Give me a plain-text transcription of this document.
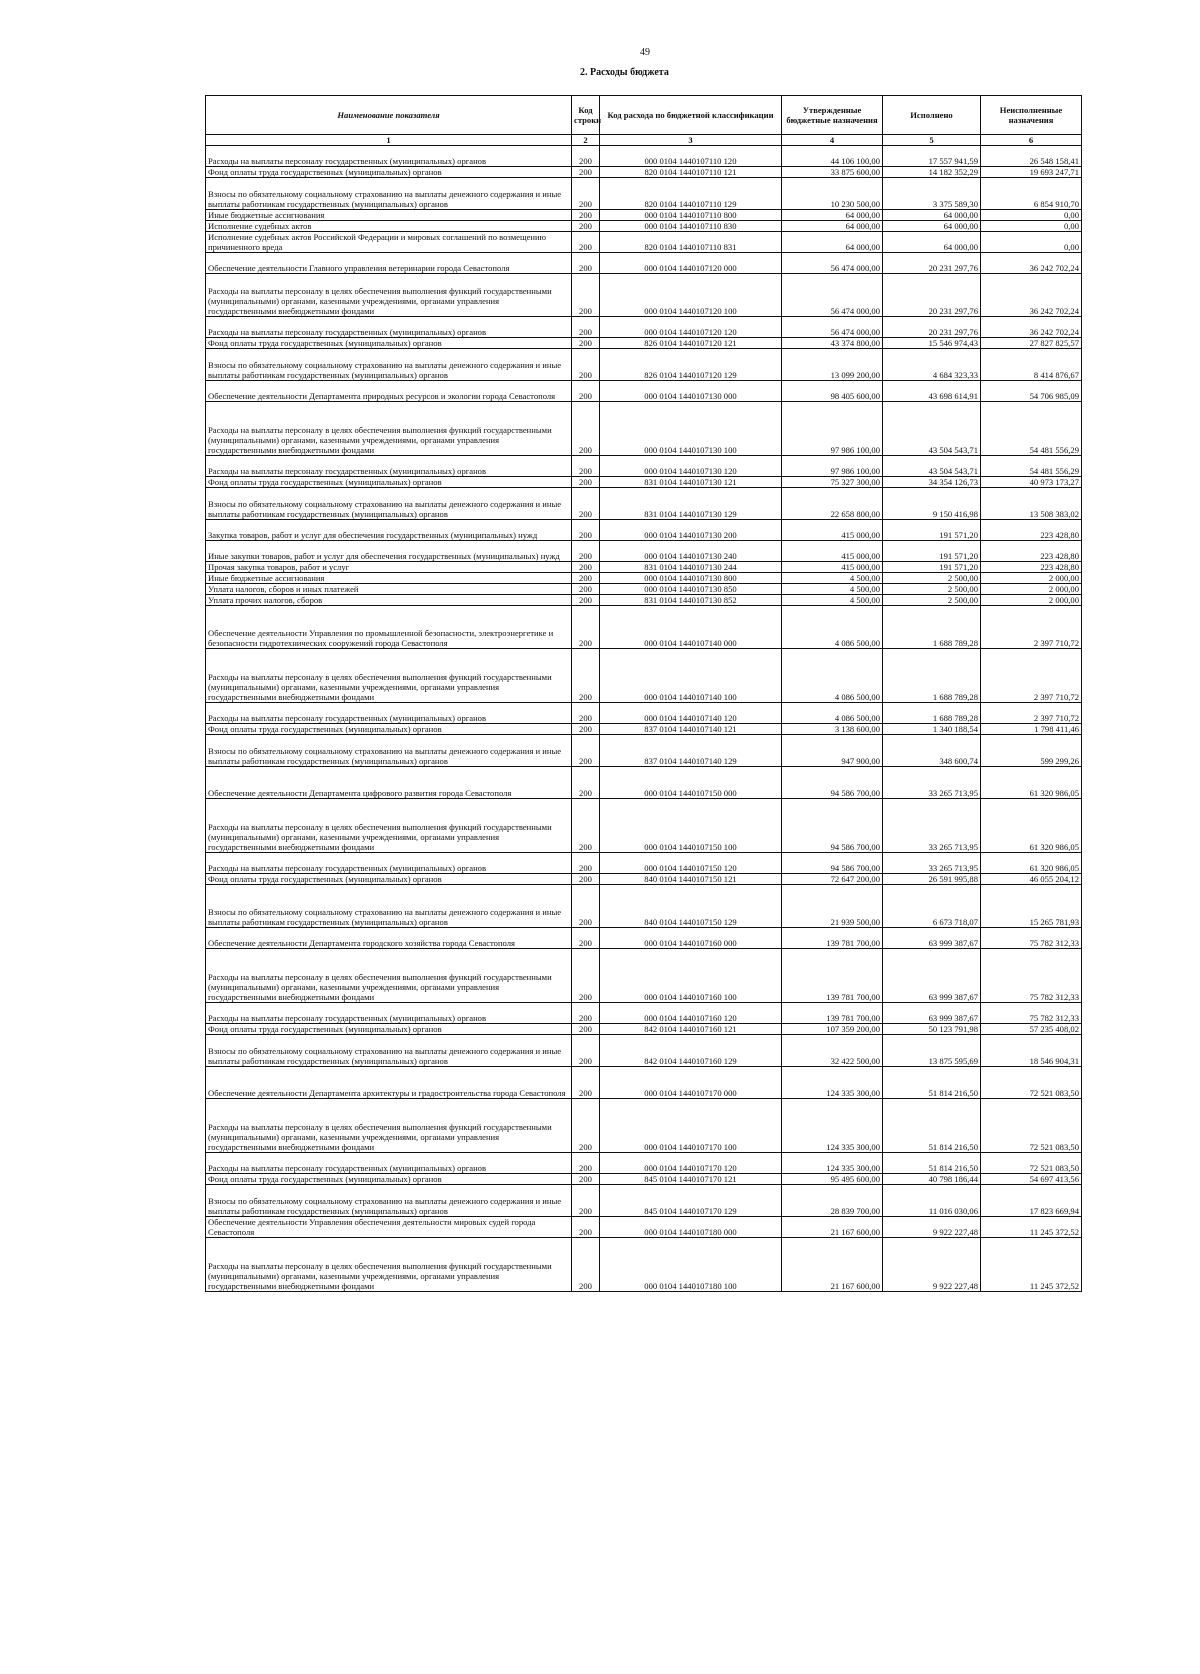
49
2. Расходы бюджета
Наименование показателя	Код строки	Код расхода по бюджетной классификации	Утвержденные бюджетные назначения	Исполнено	Неисполненные назначения
1	2	3	4	5	6
Расходы на выплаты персоналу государственных (муниципальных) органов	200	000 0104 1440107110 120	44 106 100,00	17 557 941,59	26 548 158,41
Фонд оплаты труда государственных (муниципальных) органов	200	820 0104 1440107110 121	33 875 600,00	14 182 352,29	19 693 247,71
Взносы по обязательному социальному страхованию на выплаты денежного содержания и иные выплаты работникам государственных (муниципальных) органов	200	820 0104 1440107110 129	10 230 500,00	3 375 589,30	6 854 910,70
Иные бюджетные ассигнования	200	000 0104 1440107110 800	64 000,00	64 000,00	0,00
Исполнение судебных актов	200	000 0104 1440107110 830	64 000,00	64 000,00	0,00
Исполнение судебных актов Российской Федерации и мировых соглашений по возмещению причиненного вреда	200	820 0104 1440107110 831	64 000,00	64 000,00	0,00
Обеспечение деятельности Главного управления ветеринарии города Севастополя	200	000 0104 1440107120 000	56 474 000,00	20 231 297,76	36 242 702,24
Расходы на выплаты персоналу в целях обеспечения выполнения функций государственными (муниципальными) органами, казенными учреждениями, органами управления государственными внебюджетными фондами	200	000 0104 1440107120 100	56 474 000,00	20 231 297,76	36 242 702,24
Расходы на выплаты персоналу государственных (муниципальных) органов	200	000 0104 1440107120 120	56 474 000,00	20 231 297,76	36 242 702,24
Фонд оплаты труда государственных (муниципальных) органов	200	826 0104 1440107120 121	43 374 800,00	15 546 974,43	27 827 825,57
Взносы по обязательному социальному страхованию на выплаты денежного содержания и иные выплаты работникам государственных (муниципальных) органов	200	826 0104 1440107120 129	13 099 200,00	4 684 323,33	8 414 876,67
Обеспечение деятельности Департамента природных ресурсов и экологии города Севастополя	200	000 0104 1440107130 000	98 405 600,00	43 698 614,91	54 706 985,09
Расходы на выплаты персоналу в целях обеспечения выполнения функций государственными (муниципальными) органами, казенными учреждениями, органами управления государственными внебюджетными фондами	200	000 0104 1440107130 100	97 986 100,00	43 504 543,71	54 481 556,29
Расходы на выплаты персоналу государственных (муниципальных) органов	200	000 0104 1440107130 120	97 986 100,00	43 504 543,71	54 481 556,29
Фонд оплаты труда государственных (муниципальных) органов	200	831 0104 1440107130 121	75 327 300,00	34 354 126,73	40 973 173,27
Взносы по обязательному социальному страхованию на выплаты денежного содержания и иные выплаты работникам государственных (муниципальных) органов	200	831 0104 1440107130 129	22 658 800,00	9 150 416,98	13 508 383,02
Закупка товаров, работ и услуг для обеспечения государственных (муниципальных) нужд	200	000 0104 1440107130 200	415 000,00	191 571,20	223 428,80
Иные закупки товаров, работ и услуг для обеспечения государственных (муниципальных) нужд	200	000 0104 1440107130 240	415 000,00	191 571,20	223 428,80
Прочая закупка товаров, работ и услуг	200	831 0104 1440107130 244	415 000,00	191 571,20	223 428,80
Иные бюджетные ассигнования	200	000 0104 1440107130 800	4 500,00	2 500,00	2 000,00
Уплата налогов, сборов и иных платежей	200	000 0104 1440107130 850	4 500,00	2 500,00	2 000,00
Уплата прочих налогов, сборов	200	831 0104 1440107130 852	4 500,00	2 500,00	2 000,00
Обеспечение деятельности Управления по промышленной безопасности, электроэнергетике и безопасности гидротехнических сооружений города Севастополя	200	000 0104 1440107140 000	4 086 500,00	1 688 789,28	2 397 710,72
Расходы на выплаты персоналу в целях обеспечения выполнения функций государственными (муниципальными) органами, казенными учреждениями, органами управления государственными внебюджетными фондами	200	000 0104 1440107140 100	4 086 500,00	1 688 789,28	2 397 710,72
Расходы на выплаты персоналу государственных (муниципальных) органов	200	000 0104 1440107140 120	4 086 500,00	1 688 789,28	2 397 710,72
Фонд оплаты труда государственных (муниципальных) органов	200	837 0104 1440107140 121	3 138 600,00	1 340 188,54	1 798 411,46
Взносы по обязательному социальному страхованию на выплаты денежного содержания и иные выплаты работникам государственных (муниципальных) органов	200	837 0104 1440107140 129	947 900,00	348 600,74	599 299,26
Обеспечение деятельности Департамента цифрового развития города Севастополя	200	000 0104 1440107150 000	94 586 700,00	33 265 713,95	61 320 986,05
Расходы на выплаты персоналу в целях обеспечения выполнения функций государственными (муниципальными) органами, казенными учреждениями, органами управления государственными внебюджетными фондами	200	000 0104 1440107150 100	94 586 700,00	33 265 713,95	61 320 986,05
Расходы на выплаты персоналу государственных (муниципальных) органов	200	000 0104 1440107150 120	94 586 700,00	33 265 713,95	61 320 986,05
Фонд оплаты труда государственных (муниципальных) органов	200	840 0104 1440107150 121	72 647 200,00	26 591 995,88	46 055 204,12
Взносы по обязательному социальному страхованию на выплаты денежного содержания и иные выплаты работникам государственных (муниципальных) органов	200	840 0104 1440107150 129	21 939 500,00	6 673 718,07	15 265 781,93
Обеспечение деятельности Департамента городского хозяйства города Севастополя	200	000 0104 1440107160 000	139 781 700,00	63 999 387,67	75 782 312,33
Расходы на выплаты персоналу в целях обеспечения выполнения функций государственными (муниципальными) органами, казенными учреждениями, органами управления государственными внебюджетными фондами	200	000 0104 1440107160 100	139 781 700,00	63 999 387,67	75 782 312,33
Расходы на выплаты персоналу государственных (муниципальных) органов	200	000 0104 1440107160 120	139 781 700,00	63 999 387,67	75 782 312,33
Фонд оплаты труда государственных (муниципальных) органов	200	842 0104 1440107160 121	107 359 200,00	50 123 791,98	57 235 408,02
Взносы по обязательному социальному страхованию на выплаты денежного содержания и иные выплаты работникам государственных (муниципальных) органов	200	842 0104 1440107160 129	32 422 500,00	13 875 595,69	18 546 904,31
Обеспечение деятельности Департамента архитектуры и градостроительства города Севастополя	200	000 0104 1440107170 000	124 335 300,00	51 814 216,50	72 521 083,50
Расходы на выплаты персоналу в целях обеспечения выполнения функций государственными (муниципальными) органами, казенными учреждениями, органами управления государственными внебюджетными фондами	200	000 0104 1440107170 100	124 335 300,00	51 814 216,50	72 521 083,50
Расходы на выплаты персоналу государственных (муниципальных) органов	200	000 0104 1440107170 120	124 335 300,00	51 814 216,50	72 521 083,50
Фонд оплаты труда государственных (муниципальных) органов	200	845 0104 1440107170 121	95 495 600,00	40 798 186,44	54 697 413,56
Взносы по обязательному социальному страхованию на выплаты денежного содержания и иные выплаты работникам государственных (муниципальных) органов	200	845 0104 1440107170 129	28 839 700,00	11 016 030,06	17 823 669,94
Обеспечение деятельности Управления обеспечения деятельности мировых судей города Севастополя	200	000 0104 1440107180 000	21 167 600,00	9 922 227,48	11 245 372,52
Расходы на выплаты персоналу в целях обеспечения выполнения функций государственными (муниципальными) органами, казенными учреждениями, органами управления государственными внебюджетными фондами	200	000 0104 1440107180 100	21 167 600,00	9 922 227,48	11 245 372,52
